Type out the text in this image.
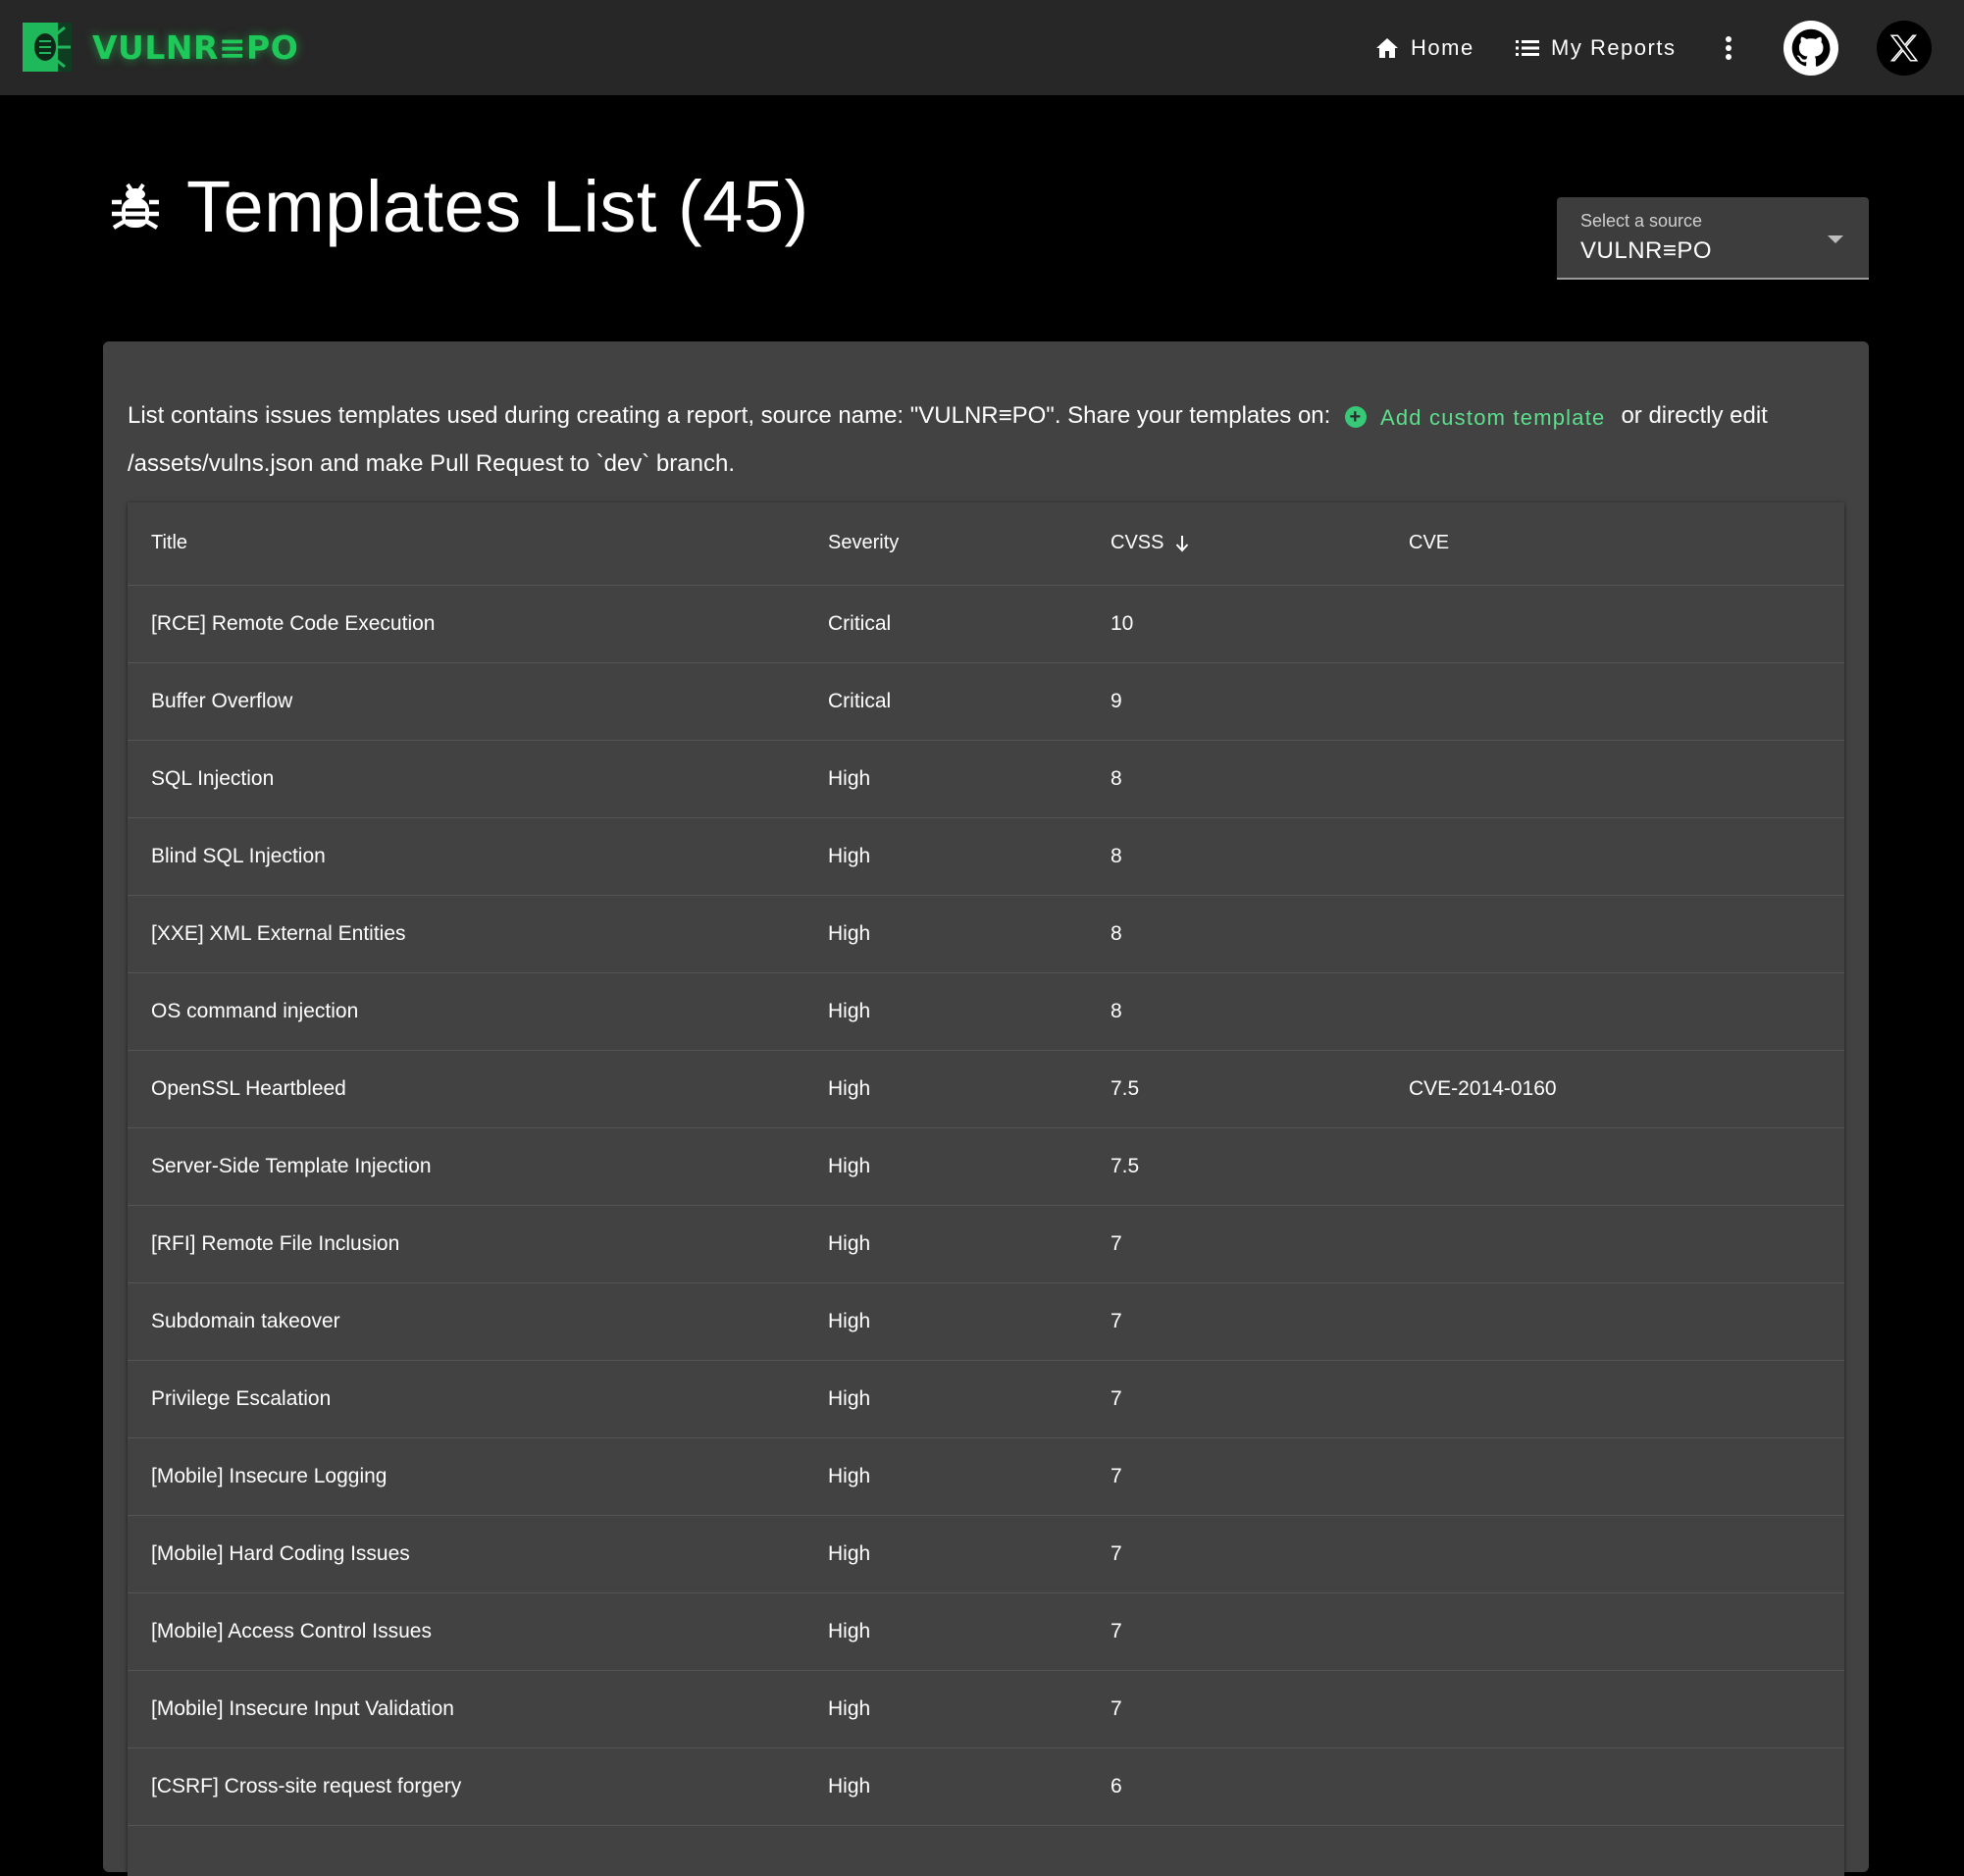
VULNR≡PO	Home	My Reports
Templates List (45)	Select a source
VULNR≡PO

List contains issues templates used during creating a report, source name: "VULNR≡PO". Share your templates on: + Add custom template or directly edit /assets/vulns.json and make Pull Request to `dev` branch.

Title	Severity	CVSS	CVE
[RCE] Remote Code Execution	Critical	10	
Buffer Overflow	Critical	9	
SQL Injection	High	8	
Blind SQL Injection	High	8	
[XXE] XML External Entities	High	8	
OS command injection	High	8	
OpenSSL Heartbleed	High	7.5	CVE-2014-0160
Server-Side Template Injection	High	7.5	
[RFI] Remote File Inclusion	High	7	
Subdomain takeover	High	7	
Privilege Escalation	High	7	
[Mobile] Insecure Logging	High	7	
[Mobile] Hard Coding Issues	High	7	
[Mobile] Access Control Issues	High	7	
[Mobile] Insecure Input Validation	High	7	
[CSRF] Cross-site request forgery	High	6	
